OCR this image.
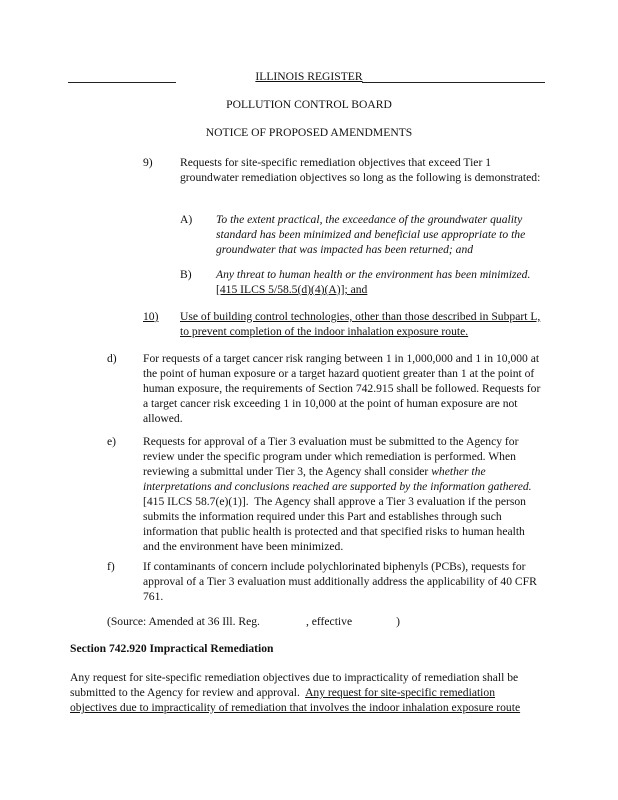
ILLINOIS REGISTER
POLLUTION CONTROL BOARD
NOTICE OF PROPOSED AMENDMENTS
9) Requests for site-specific remediation objectives that exceed Tier 1 groundwater remediation objectives so long as the following is demonstrated:
A) To the extent practical, the exceedance of the groundwater quality standard has been minimized and beneficial use appropriate to the groundwater that was impacted has been returned; and
B) Any threat to human health or the environment has been minimized. [415 ILCS 5/58.5(d)(4)(A)]; and
10) Use of building control technologies, other than those described in Subpart L, to prevent completion of the indoor inhalation exposure route.
d) For requests of a target cancer risk ranging between 1 in 1,000,000 and 1 in 10,000 at the point of human exposure or a target hazard quotient greater than 1 at the point of human exposure, the requirements of Section 742.915 shall be followed. Requests for a target cancer risk exceeding 1 in 10,000 at the point of human exposure are not allowed.
e) Requests for approval of a Tier 3 evaluation must be submitted to the Agency for review under the specific program under which remediation is performed. When reviewing a submittal under Tier 3, the Agency shall consider whether the interpretations and conclusions reached are supported by the information gathered. [415 ILCS 58.7(e)(1)]. The Agency shall approve a Tier 3 evaluation if the person submits the information required under this Part and establishes through such information that public health is protected and that specified risks to human health and the environment have been minimized.
f) If contaminants of concern include polychlorinated biphenyls (PCBs), requests for approval of a Tier 3 evaluation must additionally address the applicability of 40 CFR 761.
(Source: Amended at 36 Ill. Reg.	, effective	)
Section 742.920 Impractical Remediation
Any request for site-specific remediation objectives due to impracticality of remediation shall be submitted to the Agency for review and approval. Any request for site-specific remediation objectives due to impracticality of remediation that involves the indoor inhalation exposure route
